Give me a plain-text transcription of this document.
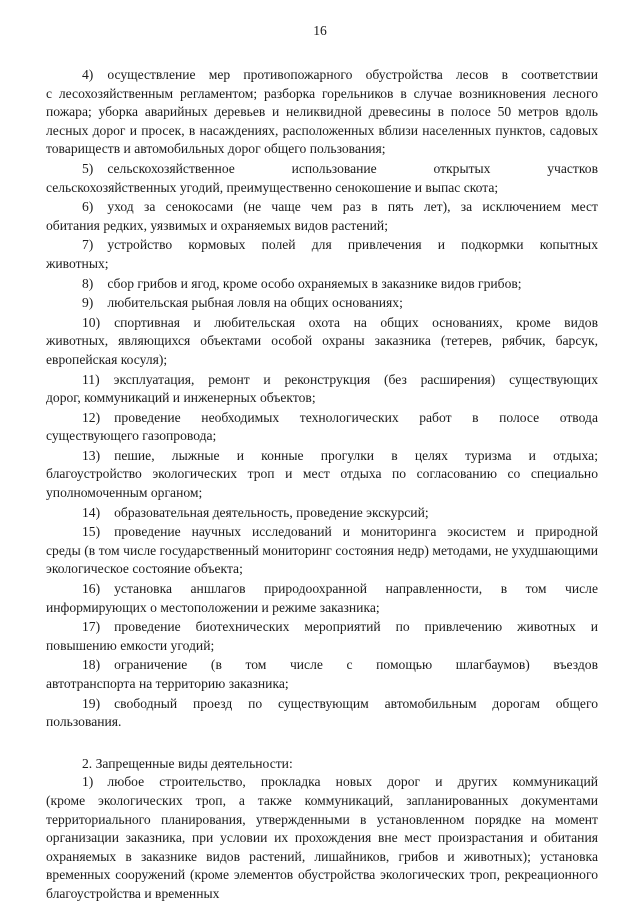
16

4) осуществление мер противопожарного обустройства лесов в соответствии
с лесохозяйственным регламентом; разборка горельников в случае возникновения лесного пожара; уборка аварийных деревьев и неликвидной древесины в полосе 50 метров вдоль лесных дорог и просек, в насаждениях, расположенных вблизи населенных пунктов, садовых товариществ и автомобильных дорог общего пользования;

5) сельскохозяйственное использование открытых участков
сельскохозяйственных угодий, преимущественно сенокошение и выпас скота;

6) уход за сенокосами (не чаще чем раз в пять лет), за исключением мест
обитания редких, уязвимых и охраняемых видов растений;

7) устройство кормовых полей для привлечения и подкормки копытных
животных;

8) сбор грибов и ягод, кроме особо охраняемых в заказнике видов грибов;

9) любительская рыбная ловля на общих основаниях;

10) спортивная и любительская охота на общих основаниях, кроме видов
животных, являющихся объектами особой охраны заказника (тетерев, рябчик, барсук, европейская косуля);

11) эксплуатация, ремонт и реконструкция (без расширения) существующих
дорог, коммуникаций и инженерных объектов;

12) проведение необходимых технологических работ в полосе отвода
существующего газопровода;

13) пешие, лыжные и конные прогулки в целях туризма и отдыха;
благоустройство экологических троп и мест отдыха по согласованию со специально уполномоченным органом;

14) образовательная деятельность, проведение экскурсий;

15) проведение научных исследований и мониторинга экосистем и природной
среды (в том числе государственный мониторинг состояния недр) методами, не ухудшающими экологическое состояние объекта;

16) установка аншлагов природоохранной направленности, в том числе
информирующих о местоположении и режиме заказника;

17) проведение биотехнических мероприятий по привлечению животных и
повышению емкости угодий;

18) ограничение (в том числе с помощью шлагбаумов) въездов
автотранспорта на территорию заказника;

19) свободный проезд по существующим автомобильным дорогам общего
пользования.

2. Запрещенные виды деятельности:

1) любое строительство, прокладка новых дорог и других коммуникаций
(кроме экологических троп, а также коммуникаций, запланированных документами территориального планирования, утвержденными в установленном порядке на момент организации заказника, при условии их прохождения вне мест произрастания и обитания охраняемых в заказнике видов растений, лишайников, грибов и животных); установка временных сооружений (кроме элементов обустройства экологических троп, рекреационного благоустройства и временных
